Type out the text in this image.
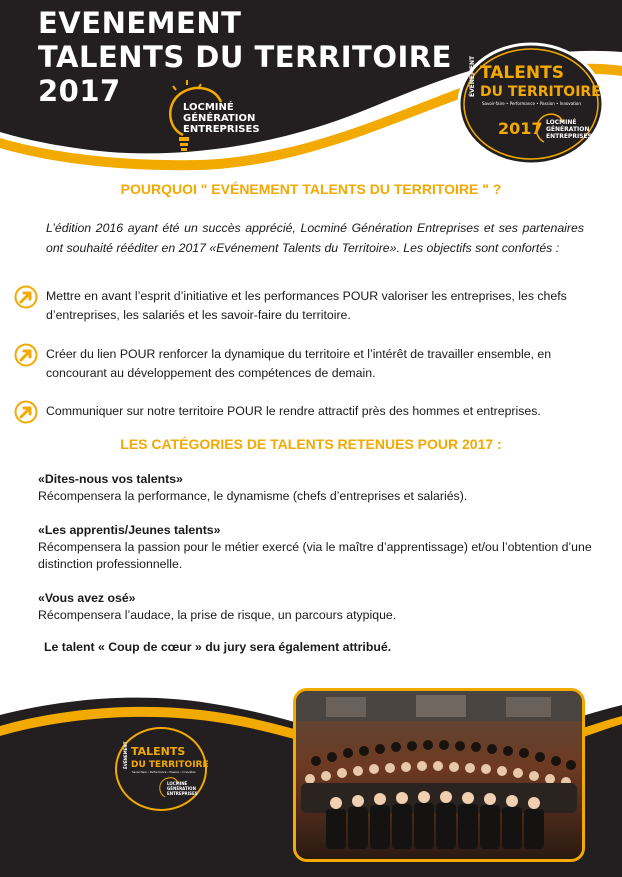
EVENEMENT
TALENTS DU TERRITOIRE
2017	LOCMINÉ
GÉNÉRATION
ENTREPRISES
ÉVÉNEMENT TALENTS
DU TERRITOIRE
Savoir-faire • Performance • Passion • Innovation
2017 LOCMINÉ
GÉNÉRATION
ENTREPRISES
POURQUOI " EVÉNEMENT TALENTS DU TERRITOIRE " ?
L’édition 2016 ayant été un succès apprécié, Locminé Génération Entreprises et ses partenaires ont souhaité rééditer en 2017 «Evénement Talents du Territoire». Les objectifs sont confortés :
Mettre en avant l’esprit d’initiative et les performances POUR valoriser les entreprises, les chefs d’entreprises, les salariés et les savoir-faire du territoire.
Créer du lien POUR renforcer la dynamique du territoire et l’intérêt de travailler ensemble, en concourant au développement des compétences de demain.
Communiquer sur notre territoire POUR le rendre attractif près des hommes et entreprises.
LES CATÉGORIES DE TALENTS RETENUES POUR 2017 :
«Dites-nous vos talents»
Récompensera la performance, le dynamisme (chefs d’entreprises et salariés).
«Les apprentis/Jeunes talents»
Récompensera la passion pour le métier exercé (via le maître d’apprentissage) et/ou l’obtention d’une distinction professionnelle.
«Vous avez osé»
Récompensera l’audace, la prise de risque, un parcours atypique.
Le talent « Coup de cœur » du jury sera également attribué.
ÉVÉNEMENT TALENTS
DU TERRITOIRE
Savoir-faire • Performance • Passion • Innovation
LOCMINÉ
GÉNÉRATION
ENTREPRISES
